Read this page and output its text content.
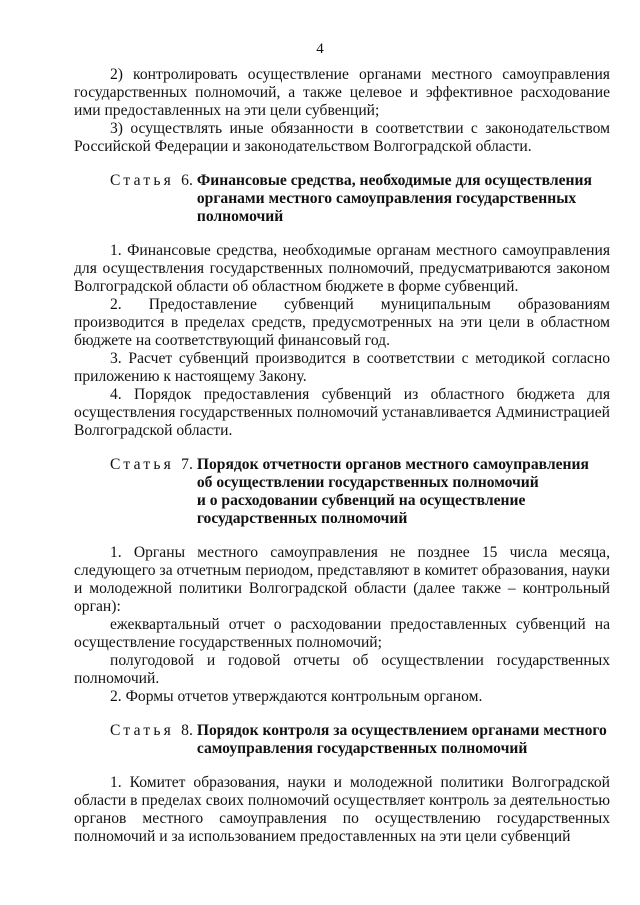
4

2) контролировать осуществление органами местного самоуправления государственных полномочий, а также целевое и эффективное расходование ими предоставленных на эти цели субвенций;

3) осуществлять иные обязанности в соответствии с законодательством Российской Федерации и законодательством Волгоградской области.

Статья 6. Финансовые средства, необходимые для осуществления
органами местного самоуправления государственных
полномочий

1. Финансовые средства, необходимые органам местного самоуправления для осуществления государственных полномочий, предусматриваются законом Волгоградской области об областном бюджете в форме субвенций.

2. Предоставление субвенций муниципальным образованиям производится в пределах средств, предусмотренных на эти цели в областном бюджете на соответствующий финансовый год.

3. Расчет субвенций производится в соответствии с методикой согласно приложению к настоящему Закону.

4. Порядок предоставления субвенций из областного бюджета для осуществления государственных полномочий устанавливается Администрацией Волгоградской области.

Статья 7. Порядок отчетности органов местного самоуправления
об осуществлении государственных полномочий
и о расходовании субвенций на осуществление
государственных полномочий

1. Органы местного самоуправления не позднее 15 числа месяца, следующего за отчетным периодом, представляют в комитет образования, науки и молодежной политики Волгоградской области (далее также – контрольный орган):

ежеквартальный отчет о расходовании предоставленных субвенций на осуществление государственных полномочий;

полугодовой и годовой отчеты об осуществлении государственных полномочий.

2. Формы отчетов утверждаются контрольным органом.

Статья 8. Порядок контроля за осуществлением органами местного
самоуправления государственных полномочий

1. Комитет образования, науки и молодежной политики Волгоградской области в пределах своих полномочий осуществляет контроль за деятельностью органов местного самоуправления по осуществлению государственных полномочий и за использованием предоставленных на эти цели субвенций
